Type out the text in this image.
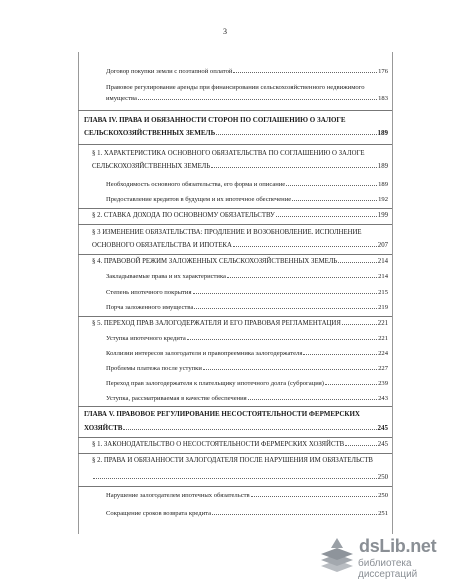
3
Договор покупки земли с поэтапной оплатой	176
Правовое регулирование аренды при финансировании сельскохозяйственного недвижимого
имущества	183
ГЛАВА IV. ПРАВА И ОБЯЗАННОСТИ СТОРОН ПО СОГЛАШЕНИЮ О ЗАЛОГЕ
СЕЛЬСКОХОЗЯЙСТВЕННЫХ ЗЕМЕЛЬ	189
§ 1. ХАРАКТЕРИСТИКА ОСНОВНОГО ОБЯЗАТЕЛЬСТВА ПО СОГЛАШЕНИЮ О ЗАЛОГЕ
СЕЛЬСКОХОЗЯЙСТВЕННЫХ ЗЕМЕЛЬ	189
Необходимость основного обязательства, его форма и описание	189
Предоставление кредитов в будущем и их ипотечное обеспечение	192
§ 2. СТАВКА ДОХОДА ПО ОСНОВНОМУ ОБЯЗАТЕЛЬСТВУ	199
§ 3 ИЗМЕНЕНИЕ ОБЯЗАТЕЛЬСТВА: ПРОДЛЕНИЕ И ВОЗОБНОВЛЕНИЕ. ИСПОЛНЕНИЕ
ОСНОВНОГО ОБЯЗАТЕЛЬСТВА И ИПОТЕКА	207
§ 4. ПРАВОВОЙ РЕЖИМ ЗАЛОЖЕННЫХ СЕЛЬСКОХОЗЯЙСТВЕННЫХ ЗЕМЕЛЬ	214
Закладываемые права и их характеристика	214
Степень ипотечного покрытия	215
Порча заложенного имущества	219
§ 5. ПЕРЕХОД ПРАВ ЗАЛОГОДЕРЖАТЕЛЯ И ЕГО ПРАВОВАЯ РЕГЛАМЕНТАЦИЯ	221
Уступка ипотечного кредита	221
Коллизии интересов залогодателя и правопреемника залогодержателя	224
Проблемы платежа после уступки	227
Переход прав залогодержателя к плательщику ипотечного долга (суброгация)	239
Уступка, рассматриваемая в качестве обеспечения	243
ГЛАВА V. ПРАВОВОЕ РЕГУЛИРОВАНИЕ НЕСОСТОЯТЕЛЬНОСТИ ФЕРМЕРСКИХ
ХОЗЯЙСТВ	245
§ 1. ЗАКОНОДАТЕЛЬСТВО О НЕСОСТОЯТЕЛЬНОСТИ ФЕРМЕРСКИХ ХОЗЯЙСТВ	245
§ 2. ПРАВА И ОБЯЗАННОСТИ ЗАЛОГОДАТЕЛЯ ПОСЛЕ НАРУШЕНИЯ ИМ ОБЯЗАТЕЛЬСТВ
250
Нарушение залогодателем ипотечных обязательств	250
Сокращение сроков возврата кредита	251
dsLib.net
библиотека диссертаций
